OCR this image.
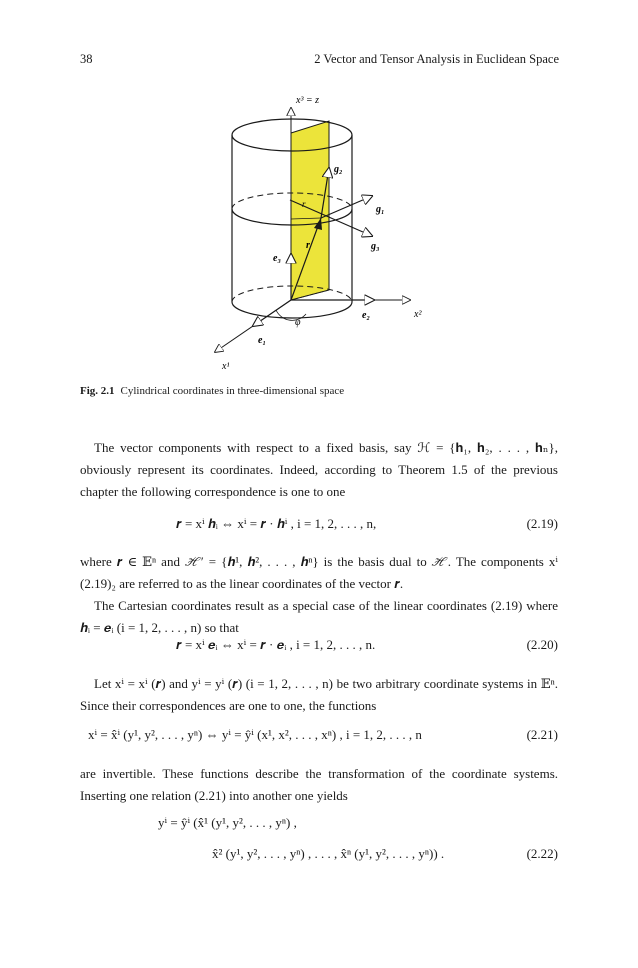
38	2 Vector and Tensor Analysis in Euclidean Space
x³ = z
g₂
g₁
g₃
r
r
e₃
e₂	x²
φ
e₁
x¹
Fig. 2.1 Cylindrical coordinates in three-dimensional space
The vector components with respect to a fixed basis, say ℋ = {𝐡₁, 𝐡₂, . . . , 𝐡ₙ}, obviously represent its coordinates. Indeed, according to Theorem 1.5 of the previous chapter the following correspondence is one to one
𝒓 = xⁱ 𝒉ᵢ ⇔ xⁱ = 𝒓 · 𝒉ⁱ , i = 1, 2, . . . , n,	(2.19)
where 𝒓 ∈ 𝔼ⁿ and ℋ′ = {𝒉¹, 𝒉², . . . , 𝒉ⁿ} is the basis dual to ℋ. The components xⁱ (2.19)₂ are referred to as the linear coordinates of the vector 𝒓.
The Cartesian coordinates result as a special case of the linear coordinates (2.19) where 𝒉ᵢ = 𝒆ᵢ (i = 1, 2, . . . , n) so that
𝒓 = xⁱ 𝒆ᵢ ⇔ xⁱ = 𝒓 · 𝒆ᵢ , i = 1, 2, . . . , n.	(2.20)
Let xⁱ = xⁱ (𝒓) and yⁱ = yⁱ (𝒓) (i = 1, 2, . . . , n) be two arbitrary coordinate systems in 𝔼ⁿ. Since their correspondences are one to one, the functions
xⁱ = x̂ⁱ (y¹, y², . . . , yⁿ) ⇔ yⁱ = ŷⁱ (x¹, x², . . . , xⁿ) , i = 1, 2, . . . , n	(2.21)
are invertible. These functions describe the transformation of the coordinate systems. Inserting one relation (2.21) into another one yields
yⁱ = ŷⁱ (x̂¹ (y¹, y², . . . , yⁿ) ,
x̂² (y¹, y², . . . , yⁿ) , . . . , x̂ⁿ (y¹, y², . . . , yⁿ)) .	(2.22)
